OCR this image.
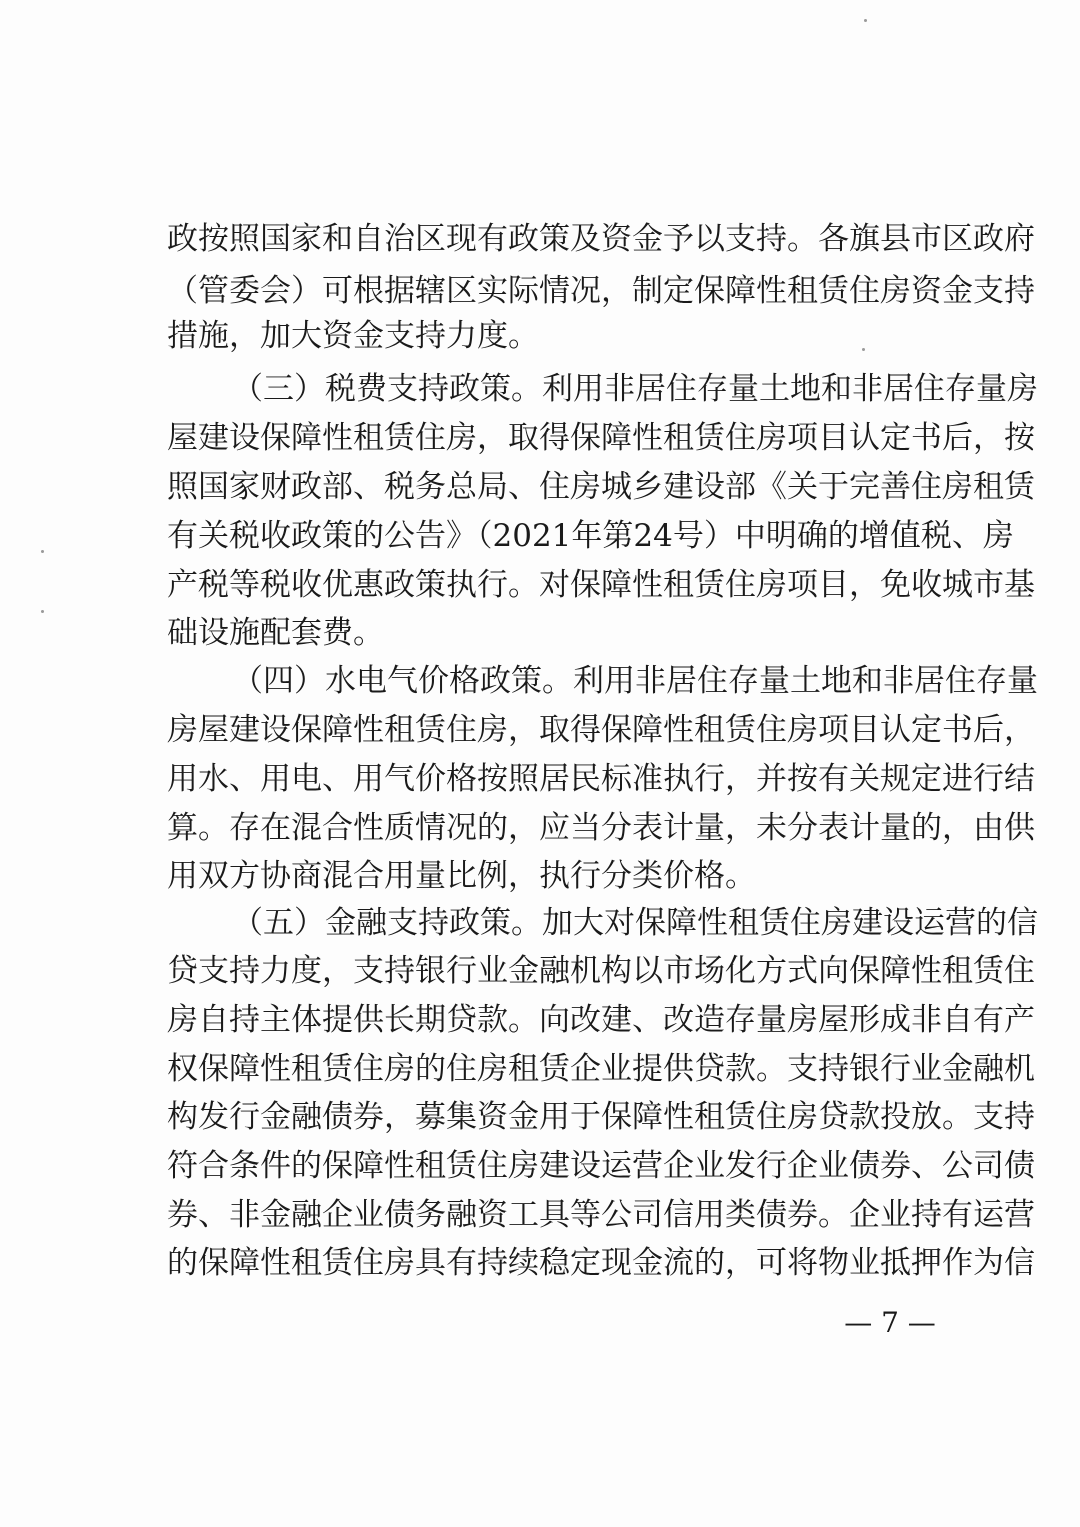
政按照国家和自治区现有政策及资金予以支持。各旗县市区政府
（管委会）可根据辖区实际情况，制定保障性租赁住房资金支持
措施，加大资金支持力度。
（三）税费支持政策。利用非居住存量土地和非居住存量房
屋建设保障性租赁住房，取得保障性租赁住房项目认定书后，按
照国家财政部、税务总局、住房城乡建设部《关于完善住房租赁
有关税收政策的公告》（2021年第24号）中明确的增值税、房
产税等税收优惠政策执行。对保障性租赁住房项目，免收城市基
础设施配套费。
（四）水电气价格政策。利用非居住存量土地和非居住存量
房屋建设保障性租赁住房，取得保障性租赁住房项目认定书后，
用水、用电、用气价格按照居民标准执行，并按有关规定进行结
算。存在混合性质情况的，应当分表计量，未分表计量的，由供
用双方协商混合用量比例，执行分类价格。
（五）金融支持政策。加大对保障性租赁住房建设运营的信
贷支持力度，支持银行业金融机构以市场化方式向保障性租赁住
房自持主体提供长期贷款。向改建、改造存量房屋形成非自有产
权保障性租赁住房的住房租赁企业提供贷款。支持银行业金融机
构发行金融债券，募集资金用于保障性租赁住房贷款投放。支持
符合条件的保障性租赁住房建设运营企业发行企业债券、公司债
券、非金融企业债务融资工具等公司信用类债券。企业持有运营
的保障性租赁住房具有持续稳定现金流的，可将物业抵押作为信
— 7 —
